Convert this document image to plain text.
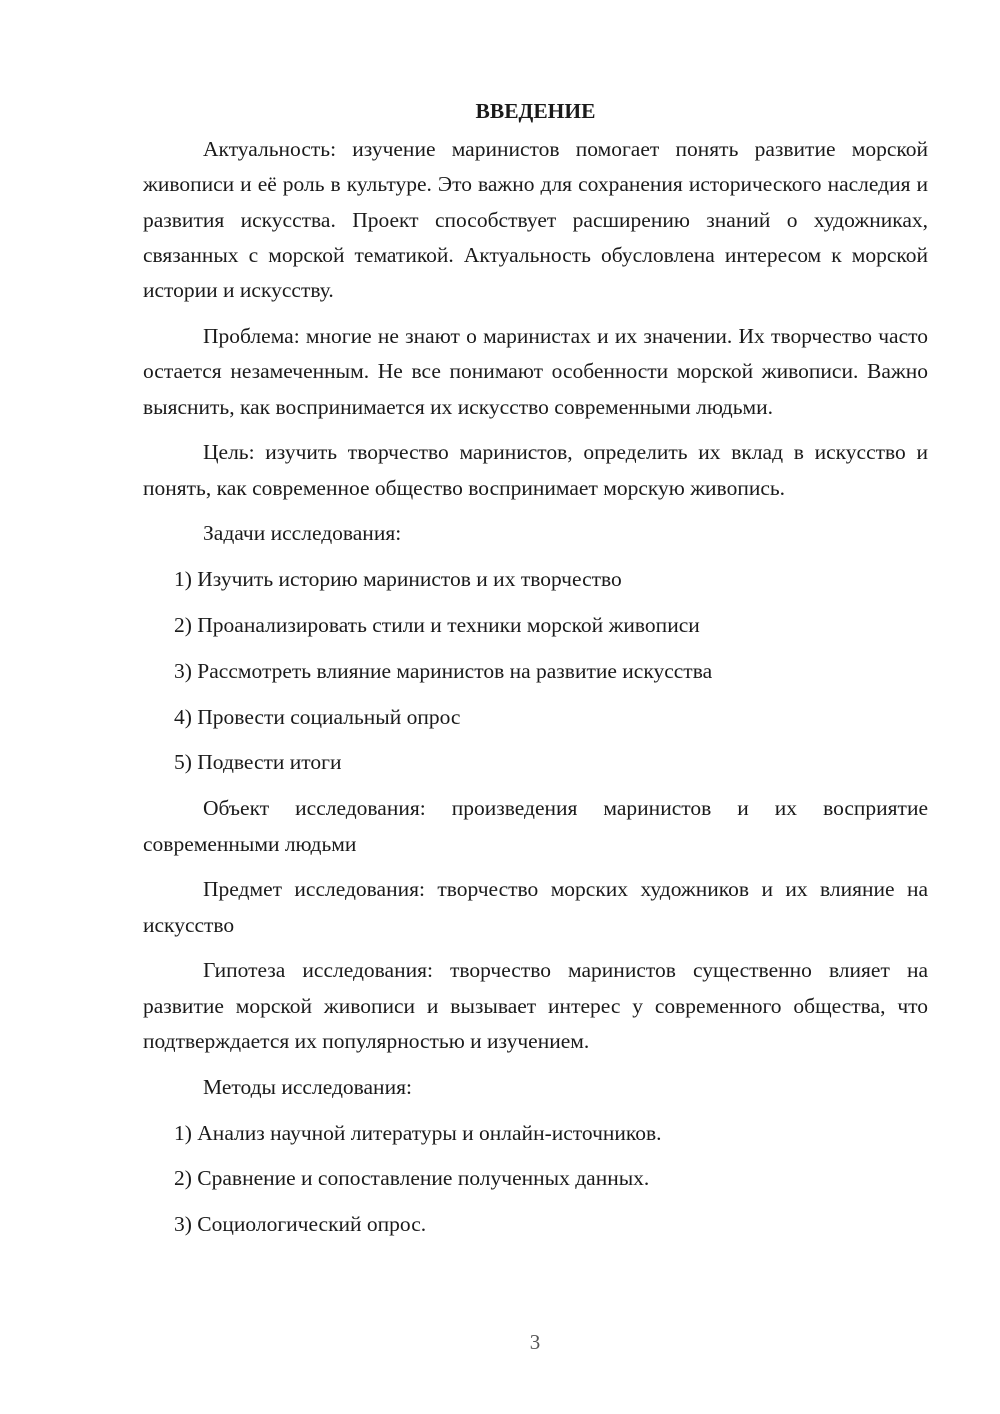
ВВЕДЕНИЕ

Актуальность: изучение маринистов помогает понять развитие морской живописи и её роль в культуре. Это важно для сохранения исторического наследия и развития искусства. Проект способствует расширению знаний о художниках, связанных с морской тематикой. Актуальность обусловлена интересом к морской истории и искусству.

Проблема: многие не знают о маринистах и их значении. Их творчество часто остается незамеченным. Не все понимают особенности морской живописи. Важно выяснить, как воспринимается их искусство современными людьми.

Цель: изучить творчество маринистов, определить их вклад в искусство и понять, как современное общество воспринимает морскую живопись.

Задачи исследования:

1) Изучить историю маринистов и их творчество
2) Проанализировать стили и техники морской живописи
3) Рассмотреть влияние маринистов на развитие искусства
4) Провести социальный опрос
5) Подвести итоги

Объект исследования: произведения маринистов и их восприятие современными людьми

Предмет исследования: творчество морских художников и их влияние на искусство

Гипотеза исследования: творчество маринистов существенно влияет на развитие морской живописи и вызывает интерес у современного общества, что подтверждается их популярностью и изучением.

Методы исследования:

1) Анализ научной литературы и онлайн-источников.
2) Сравнение и сопоставление полученных данных.
3) Социологический опрос.
3
